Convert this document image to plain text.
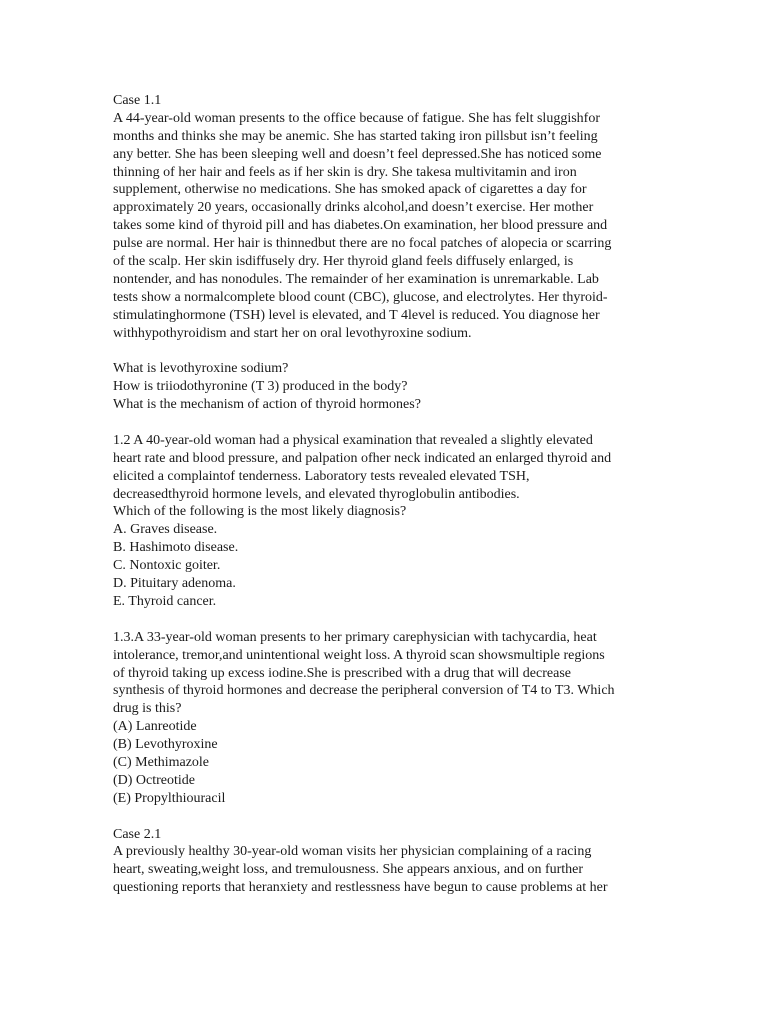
Case 1.1
A 44-year-old woman presents to the office because of fatigue. She has felt sluggishfor
months and thinks she may be anemic. She has started taking iron pillsbut isn’t feeling
any better. She has been sleeping well and doesn’t feel depressed.She has noticed some
thinning of her hair and feels as if her skin is dry. She takesa multivitamin and iron
supplement, otherwise no medications. She has smoked apack of cigarettes a day for
approximately 20 years, occasionally drinks alcohol,and doesn’t exercise. Her mother
takes some kind of thyroid pill and has diabetes.On examination, her blood pressure and
pulse are normal. Her hair is thinnedbut there are no focal patches of alopecia or scarring
of the scalp. Her skin isdiffusely dry. Her thyroid gland feels diffusely enlarged, is
nontender, and has nonodules. The remainder of her examination is unremarkable. Lab
tests show a normalcomplete blood count (CBC), glucose, and electrolytes. Her thyroid-
stimulatinghormone (TSH) level is elevated, and T 4level is reduced. You diagnose her
withhypothyroidism and start her on oral levothyroxine sodium.
What is levothyroxine sodium?
How is triiodothyronine (T 3) produced in the body?
What is the mechanism of action of thyroid hormones?
1.2 A 40-year-old woman had a physical examination that revealed a slightly elevated
heart rate and blood pressure, and palpation ofher neck indicated an enlarged thyroid and
elicited a complaintof tenderness. Laboratory tests revealed elevated TSH,
decreasedthyroid hormone levels, and elevated thyroglobulin antibodies.
Which of the following is the most likely diagnosis?
A. Graves disease.
B. Hashimoto disease.
C. Nontoxic goiter.
D. Pituitary adenoma.
E. Thyroid cancer.
1.3.A 33-year-old woman presents to her primary carephysician with tachycardia, heat
intolerance, tremor,and unintentional weight loss. A thyroid scan showsmultiple regions
of thyroid taking up excess iodine.She is prescribed with a drug that will decrease
synthesis of thyroid hormones and decrease the peripheral conversion of T4 to T3. Which
drug is this?
(A) Lanreotide
(B) Levothyroxine
(C) Methimazole
(D) Octreotide
(E) Propylthiouracil
Case 2.1
A previously healthy 30-year-old woman visits her physician complaining of a racing
heart, sweating,weight loss, and tremulousness. She appears anxious, and on further
questioning reports that heranxiety and restlessness have begun to cause problems at her
